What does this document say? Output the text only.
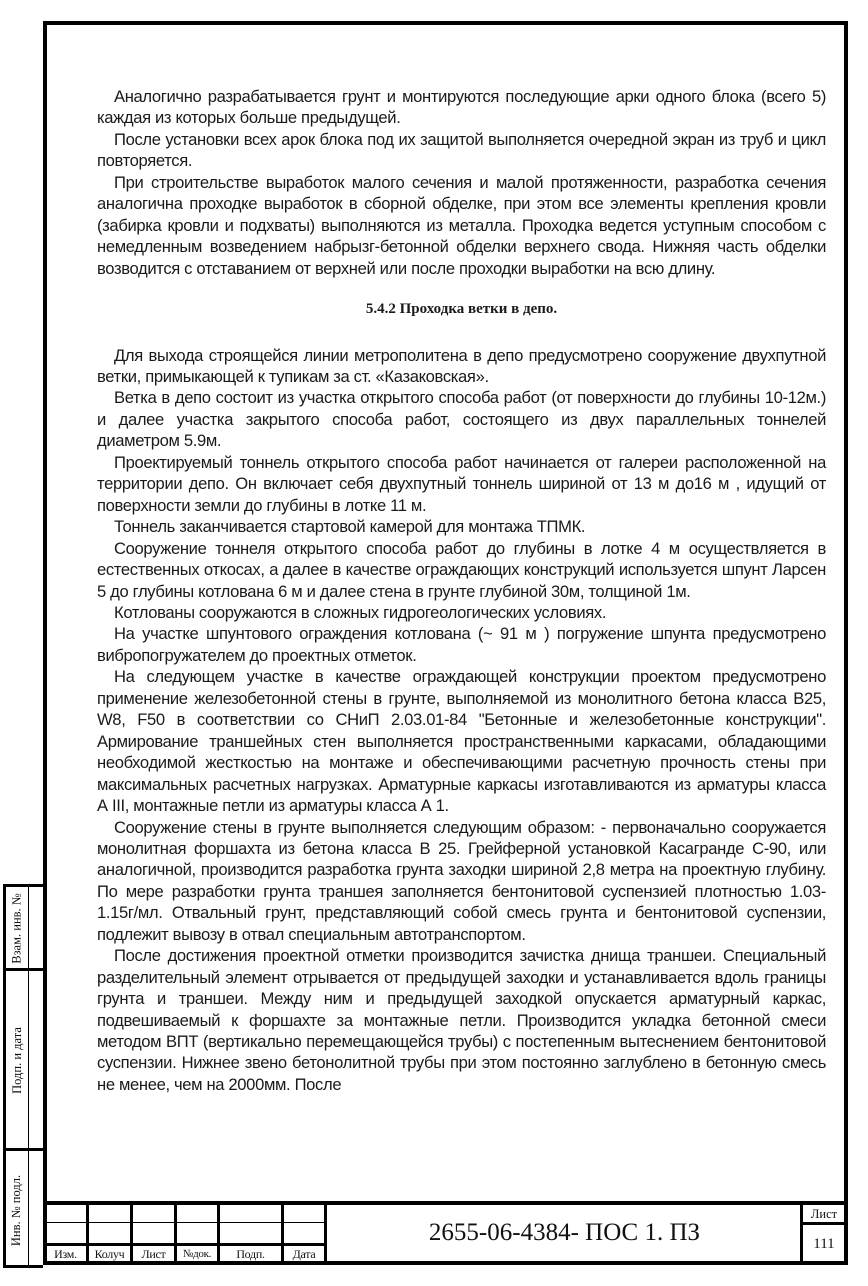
Аналогично разрабатывается грунт и монтируются последующие арки одного блока (всего 5) каждая из которых больше предыдущей.

После установки всех арок блока под их защитой выполняется очередной экран из труб и цикл повторяется.

При строительстве выработок малого сечения и малой протяженности, разработка сечения аналогична проходке выработок в сборной обделке, при этом все элементы крепления кровли (забирка кровли и подхваты) выполняются из металла. Проходка ведется уступным способом с немедленным возведением набрызг-бетонной обделки верхнего свода. Нижняя часть обделки возводится с отставанием от верхней или после проходки выработки на всю длину.

5.4.2 Проходка ветки в депо.

Для выхода строящейся линии метрополитена в депо предусмотрено сооружение двухпутной ветки, примыкающей к тупикам за ст. «Казаковская».

Ветка в депо состоит из участка открытого способа работ (от поверхности до глубины 10-12м.) и далее участка закрытого способа работ, состоящего из двух параллельных тоннелей диаметром 5.9м.

Проектируемый тоннель открытого способа работ начинается от галереи расположенной на территории депо. Он включает себя двухпутный тоннель шириной от 13 м до16 м , идущий от поверхности земли до глубины в лотке 11 м.

Тоннель заканчивается стартовой камерой для монтажа ТПМК.

Сооружение тоннеля открытого способа работ до глубины в лотке 4 м осуществляется в естественных откосах, а далее в качестве ограждающих конструкций используется шпунт Ларсен 5 до глубины котлована 6 м и далее стена в грунте глубиной 30м, толщиной 1м.

Котлованы сооружаются в сложных гидрогеологических условиях.

На участке шпунтового ограждения котлована (~ 91 м ) погружение шпунта предусмотрено вибропогружателем до проектных отметок.

На следующем участке в качестве ограждающей конструкции проектом предусмотрено применение железобетонной стены в грунте, выполняемой из монолитного бетона класса В25, W8, F50 в соответствии со СНиП 2.03.01-84 "Бетонные и железобетонные конструкции". Армирование траншейных стен выполняется пространственными каркасами, обладающими необходимой жесткостью на монтаже и обеспечивающими расчетную прочность стены при максимальных расчетных нагрузках. Арматурные каркасы изготавливаются из арматуры класса А III, монтажные петли из арматуры класса А 1.

Сооружение стены в грунте выполняется следующим образом: - первоначально сооружается монолитная форшахта из бетона класса В 25. Грейферной установкой Касагранде С-90, или аналогичной, производится разработка грунта заходки шириной 2,8 метра на проектную глубину. По мере разработки грунта траншея заполняется бентонитовой суспензией плотностью 1.03-1.15г/мл. Отвальный грунт, представляющий собой смесь грунта и бентонитовой суспензии, подлежит вывозу в отвал специальным автотранспортом.

После достижения проектной отметки производится зачистка днища траншеи. Специальный разделительный элемент отрывается от предыдущей заходки и устанавливается вдоль границы грунта и траншеи. Между ним и предыдущей заходкой опускается арматурный каркас, подвешиваемый к форшахте за монтажные петли. Производится укладка бетонной смеси методом ВПТ (вертикально перемещающейся трубы) с постепенным вытеснением бентонитовой суспензии. Нижнее звено бетонолитной трубы при этом постоянно заглублено в бетонную смесь не менее, чем на 2000мм. После

Взам. инв. №
Подп. и дата
Инв. № подл.
Изм.	Колуч	Лист	№док.	Подп.	Дата
2655-06-4384- ПОС 1. ПЗ
Лист
111
